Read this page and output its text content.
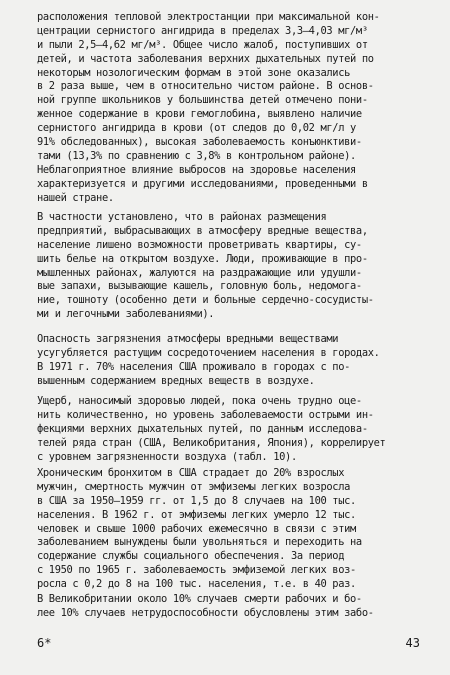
расположения тепловой электростанции при максимальной кон-
центрации сернистого ангидрида в пределах 3,3–4,03 мг/м³
и пыли 2,5–4,62 мг/м³. Общее число жалоб, поступивших от
детей, и частота заболевания верхних дыхательных путей по
некоторым нозологическим формам в этой зоне оказались
в 2 раза выше, чем в относительно чистом районе. В основ-
ной группе школьников у большинства детей отмечено пони-
женное содержание в крови гемоглобина, выявлено наличие
сернистого ангидрида в крови (от следов до 0,02 мг/л у
91% обследованных), высокая заболеваемость конъюнктиви-
тами (13,3% по сравнению с 3,8% в контрольном районе).
Неблагоприятное влияние выбросов на здоровье населения
характеризуется и другими исследованиями, проведенными в
нашей стране.
В частности установлено, что в районах размещения
предприятий, выбрасывающих в атмосферу вредные вещества,
население лишено возможности проветривать квартиры, су-
шить белье на открытом воздухе. Люди, проживающие в про-
мышленных районах, жалуются на раздражающие или удушли-
вые запахи, вызывающие кашель, головную боль, недомога-
ние, тошноту (особенно дети и больные сердечно-сосудисты-
ми и легочными заболеваниями).
Опасность загрязнения атмосферы вредными веществами
усугубляется растущим сосредоточением населения в городах.
В 1971 г. 70% населения США проживало в городах с по-
вышенным содержанием вредных веществ в воздухе.
Ущерб, наносимый здоровью людей, пока очень трудно оце-
нить количественно, но уровень заболеваемости острыми ин-
фекциями верхних дыхательных путей, по данным исследова-
телей ряда стран (США, Великобритания, Япония), коррелирует
с уровнем загрязненности воздуха (табл. 10).
Хроническим бронхитом в США страдает до 20% взрослых
мужчин, смертность мужчин от эмфиземы легких возросла
в США за 1950–1959 гг. от 1,5 до 8 случаев на 100 тыс.
населения. В 1962 г. от эмфиземы легких умерло 12 тыс.
человек и свыше 1000 рабочих ежемесячно в связи с этим
заболеванием вынуждены были увольняться и переходить на
содержание службы социального обеспечения. За период
с 1950 по 1965 г. заболеваемость эмфиземой легких воз-
росла с 0,2 до 8 на 100 тыс. населения, т.е. в 40 раз.
В Великобритании около 10% случаев смерти рабочих и бо-
лее 10% случаев нетрудоспособности обусловлены этим забо-
6*	43
